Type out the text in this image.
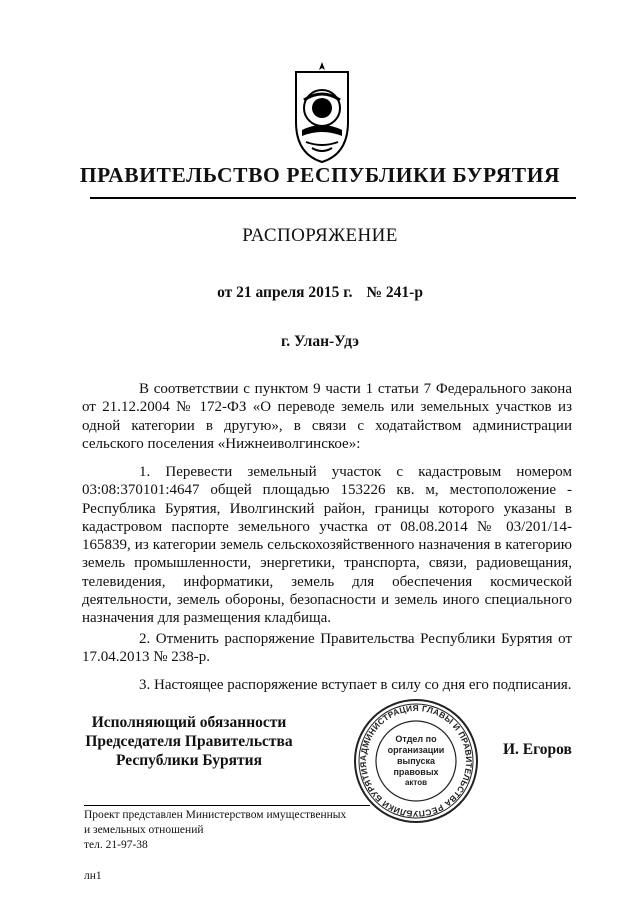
ПРАВИТЕЛЬСТВО РЕСПУБЛИКИ БУРЯТИЯ
РАСПОРЯЖЕНИЕ
от 21 апреля 2015 г. № 241-р
г. Улан-Удэ
В соответствии с пунктом 9 части 1 статьи 7 Федерального закона от 21.12.2004 № 172-ФЗ «О переводе земель или земельных участков из одной категории в другую», в связи с ходатайством администрации сельского поселения «Нижнеиволгинское»:
1. Перевести земельный участок с кадастровым номером 03:08:370101:4647 общей площадью 153226 кв. м, местоположение - Республика Бурятия, Иволгинский район, границы которого указаны в кадастровом паспорте земельного участка от 08.08.2014 № 03/201/14-165839, из категории земель сельскохозяйственного назначения в категорию земель промышленности, энергетики, транспорта, связи, радиовещания, телевидения, информатики, земель для обеспечения космической деятельности, земель обороны, безопасности и земель иного специального назначения для размещения кладбища.
2. Отменить распоряжение Правительства Республики Бурятия от 17.04.2013 № 238-р.
3. Настоящее распоряжение вступает в силу со дня его подписания.
Исполняющий обязанности
Председателя Правительства
Республики Бурятия
И. Егоров
АДМИНИСТРАЦИЯ ГЛАВЫ И ПРАВИТЕЛЬСТВА РЕСПУБЛИКИ БУРЯТИЯ
Отдел по
организации
выпуска
правовых
актов
Проект представлен Министерством имущественных
и земельных отношений
тел. 21-97-38
лн1
